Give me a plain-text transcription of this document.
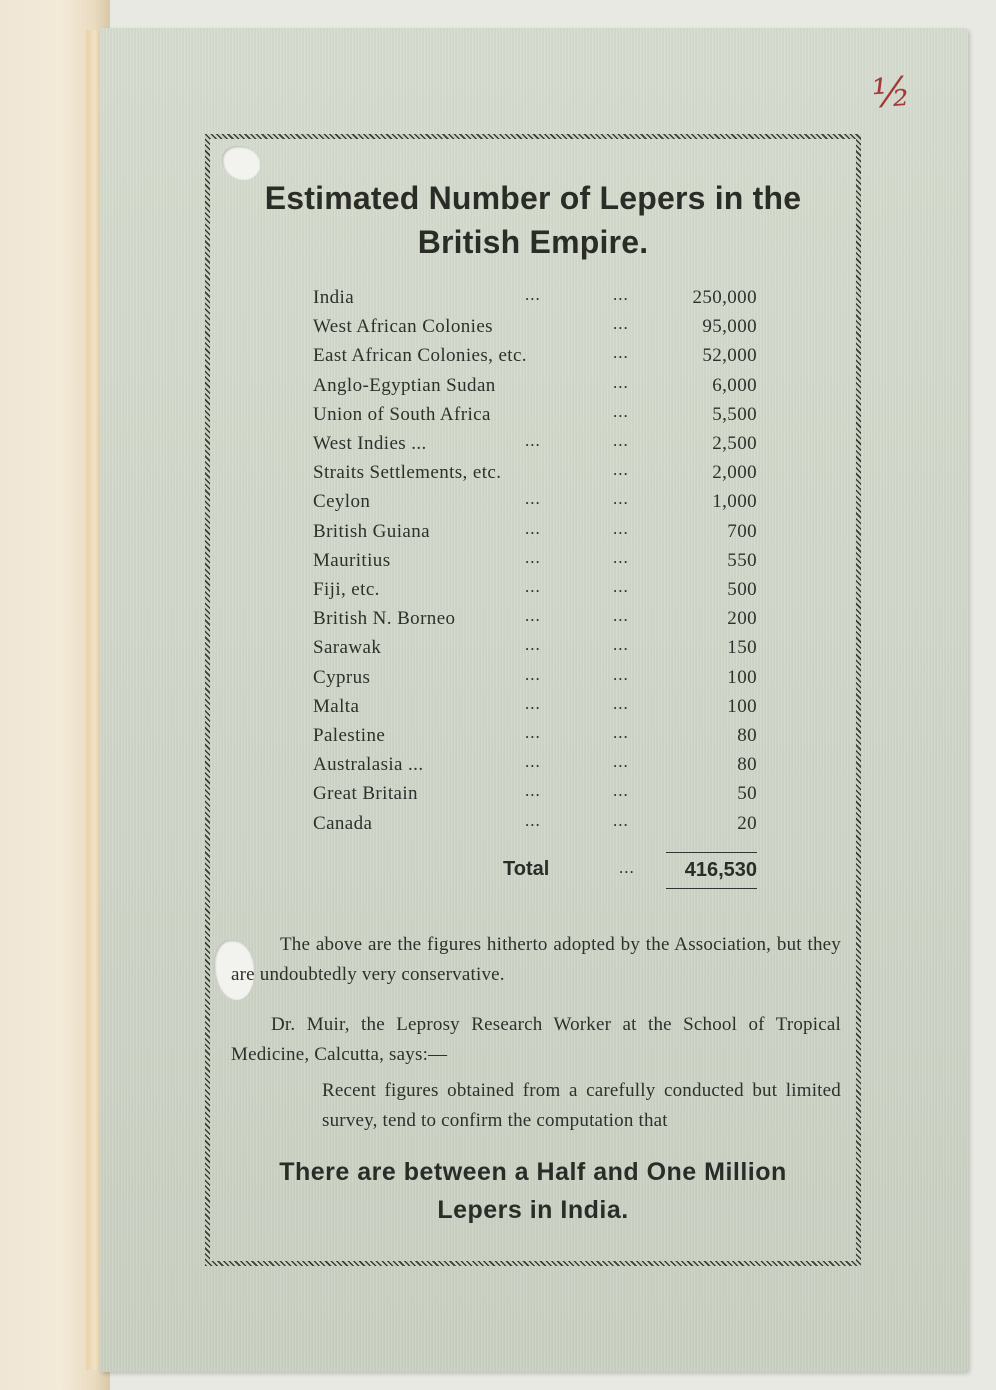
½
Estimated Number of Lepers in the
British Empire.
India	...	...	250,000
West African Colonies	...	95,000
East African Colonies, etc.	...	52,000
Anglo-Egyptian Sudan	...	6,000
Union of South Africa	...	5,500
West Indies ...	...	...	2,500
Straits Settlements, etc.	...	2,000
Ceylon	...	...	1,000
British Guiana	...	...	700
Mauritius	...	...	550
Fiji, etc.	...	...	500
British N. Borneo	...	...	200
Sarawak	...	...	150
Cyprus	...	...	100
Malta	...	...	100
Palestine	...	...	80
Australasia ...	...	...	80
Great Britain	...	...	50
Canada	...	...	20
Total	...	416,530

The above are the figures hitherto adopted by the Association, but they are undoubtedly very conservative.

Dr. Muir, the Leprosy Research Worker at the School of Tropical Medicine, Calcutta, says:—

Recent figures obtained from a carefully conducted but limited survey, tend to confirm the computation that

There are between a Half and One Million
Lepers in India.
